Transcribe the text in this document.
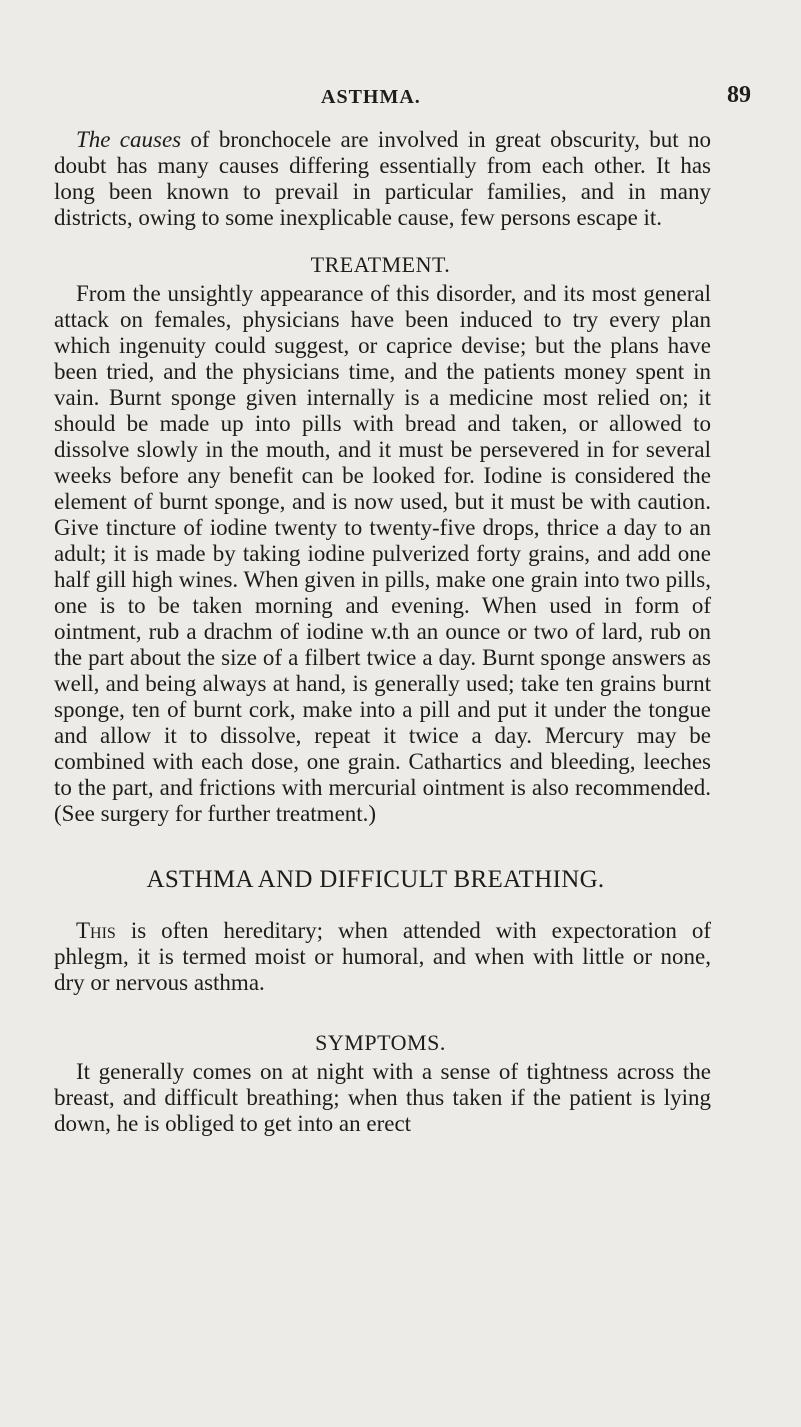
ASTHMA.	89

The causes of bronchocele are involved in great obscurity, but no doubt has many causes differing essentially from each other. It has long been known to prevail in particular families, and in many districts, owing to some inexplicable cause, few persons escape it.

TREATMENT.

From the unsightly appearance of this disorder, and its most general attack on females, physicians have been induced to try every plan which ingenuity could suggest, or caprice devise; but the plans have been tried, and the physicians time, and the patients money spent in vain. Burnt sponge given internally is a medicine most relied on; it should be made up into pills with bread and taken, or allowed to dissolve slowly in the mouth, and it must be persevered in for several weeks before any benefit can be looked for. Iodine is considered the element of burnt sponge, and is now used, but it must be with caution. Give tincture of iodine twenty to twenty-five drops, thrice a day to an adult; it is made by taking iodine pulverized forty grains, and add one half gill high wines. When given in pills, make one grain into two pills, one is to be taken morning and evening. When used in form of ointment, rub a drachm of iodine w.th an ounce or two of lard, rub on the part about the size of a filbert twice a day. Burnt sponge answers as well, and being always at hand, is generally used; take ten grains burnt sponge, ten of burnt cork, make into a pill and put it under the tongue and allow it to dissolve, repeat it twice a day. Mercury may be combined with each dose, one grain. Cathartics and bleeding, leeches to the part, and frictions with mercurial ointment is also recommended. (See surgery for further treatment.)

ASTHMA AND DIFFICULT BREATHING.

This is often hereditary; when attended with expectoration of phlegm, it is termed moist or humoral, and when with little or none, dry or nervous asthma.

SYMPTOMS.

It generally comes on at night with a sense of tightness across the breast, and difficult breathing; when thus taken if the patient is lying down, he is obliged to get into an erect
